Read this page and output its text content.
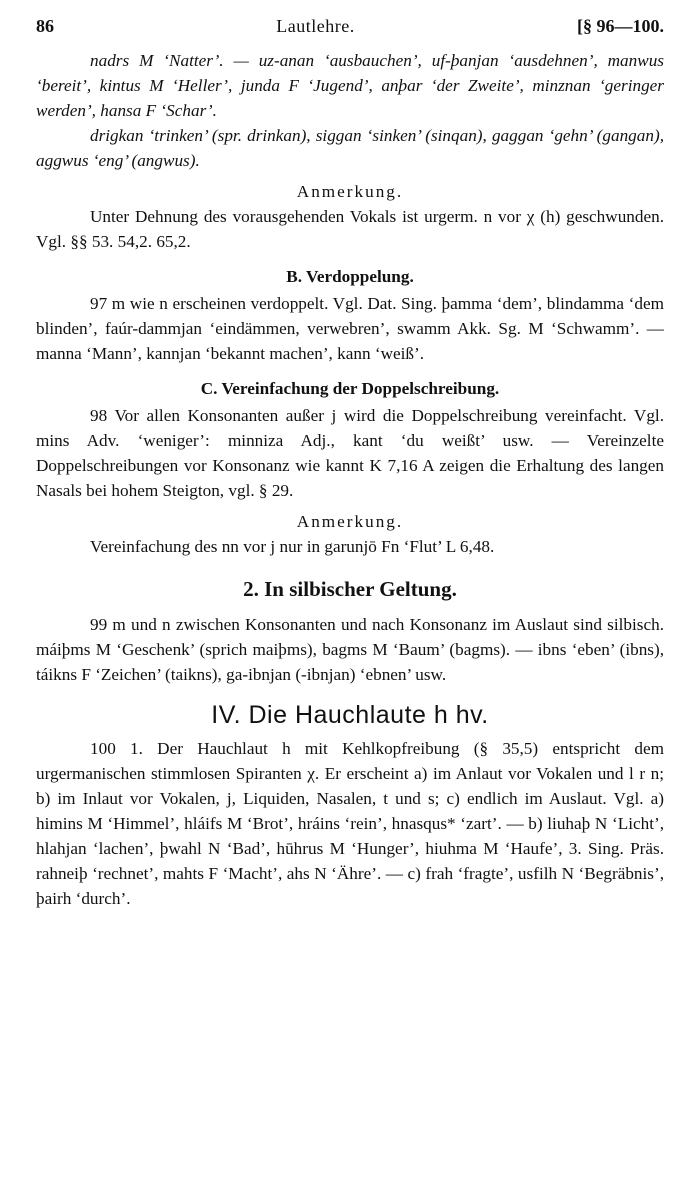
86	Lautlehre.	[§ 96—100.

nadrs M ‘Natter’. — uz-anan ‘ausbauchen’, uf-þanjan ‘ausdehnen’, manwus ‘bereit’, kintus M ‘Heller’, junda F ‘Jugend’, anþar ‘der Zweite’, minznan ‘geringer werden’, hansa F ‘Schar’.

drigkan ‘trinken’ (spr. drinkan), siggan ‘sinken’ (sinqan), gaggan ‘gehn’ (gangan), aggwus ‘eng’ (angwus).

Anmerkung.

Unter Dehnung des vorausgehenden Vokals ist urgerm. n vor χ (h) geschwunden. Vgl. §§ 53. 54,2. 65,2.

B. Verdoppelung.

97 m wie n erscheinen verdoppelt. Vgl. Dat. Sing. þamma ‘dem’, blindamma ‘dem blinden’, faúr-dammjan ‘eindämmen, verwebren’, swamm Akk. Sg. M ‘Schwamm’. — manna ‘Mann’, kannjan ‘bekannt machen’, kann ‘weiß’.

C. Vereinfachung der Doppelschreibung.

98 Vor allen Konsonanten außer j wird die Doppelschreibung vereinfacht. Vgl. mins Adv. ‘weniger’: minniza Adj., kant ‘du weißt’ usw. — Vereinzelte Doppelschreibungen vor Konsonanz wie kannt K 7,16 A zeigen die Erhaltung des langen Nasals bei hohem Steigton, vgl. § 29.

Anmerkung.

Vereinfachung des nn vor j nur in garunjō Fn ‘Flut’ L 6,48.

2. In silbischer Geltung.

99 m und n zwischen Konsonanten und nach Konsonanz im Auslaut sind silbisch. máiþms M ‘Geschenk’ (sprich maiþms), bagms M ‘Baum’ (bagms). — ibns ‘eben’ (ibns), táikns F ‘Zeichen’ (taikns), ga-ibnjan (-ibnjan) ‘ebnen’ usw.

IV. Die Hauchlaute h hv.

100 1. Der Hauchlaut h mit Kehlkopfreibung (§ 35,5) entspricht dem urgermanischen stimmlosen Spiranten χ. Er erscheint a) im Anlaut vor Vokalen und l r n; b) im Inlaut vor Vokalen, j, Liquiden, Nasalen, t und s; c) endlich im Auslaut. Vgl. a) himins M ‘Himmel’, hláifs M ‘Brot’, hráins ‘rein’, hnasqus* ‘zart’. — b) liuhaþ N ‘Licht’, hlahjan ‘lachen’, þwahl N ‘Bad’, hūhrus M ‘Hunger’, hiuhma M ‘Haufe’, 3. Sing. Präs. rahneiþ ‘rechnet’, mahts F ‘Macht’, ahs N ‘Ähre’. — c) frah ‘fragte’, usfilh N ‘Begräbnis’, þairh ‘durch’.
